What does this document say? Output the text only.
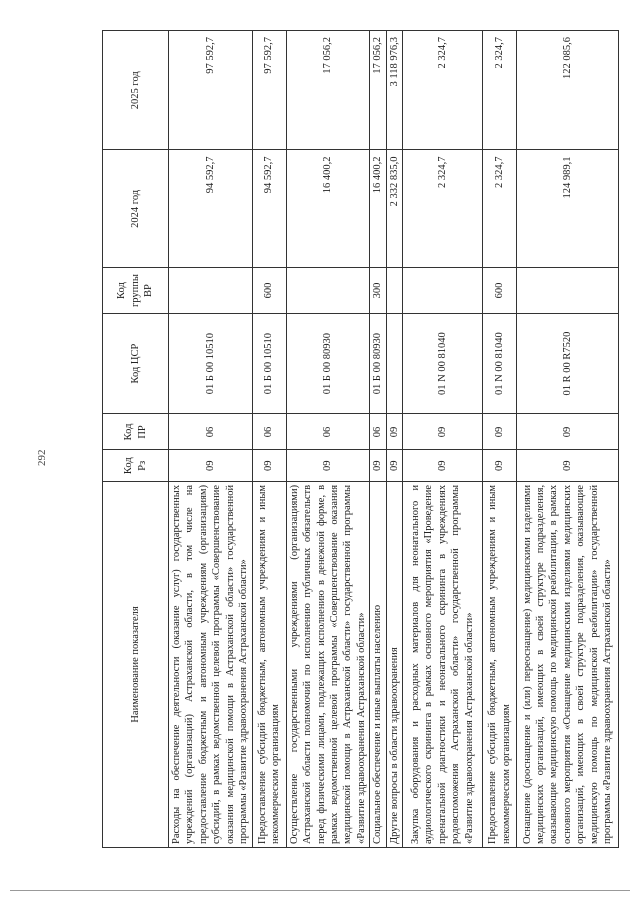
292
Наименование показателя	Код Рз	Код ПР	Код ЦСР	Код группы ВР	2024 год	2025 год
Расходы на обеспечение деятельности (оказание услуг) государственных учреждений (организаций) Астраханской области, в том числе на предоставление бюджетным и автономным учреждениям (организациям) субсидий, в рамках ведомственной целевой программы «Совершенствование оказания медицинской помощи в Астраханской области» государственной программы «Развитие здравоохранения Астраханской области»	09	06	01 Б 00 10510		94 592,7	97 592,7
Предоставление субсидий бюджетным, автономным учреждениям и иным некоммерческим организациям	09	06	01 Б 00 10510	600	94 592,7	97 592,7
Осуществление государственными учреждениями (организациями) Астраханской области полномочий по исполнению публичных обязательств перед физическими лицами, подлежащих исполнению в денежной форме, в рамках ведомственной целевой программы «Совершенствование оказания медицинской помощи в Астраханской области» государственной программы «Развитие здравоохранения Астраханской области»	09	06	01 Б 00 80930		16 400,2	17 056,2
Социальное обеспечение и иные выплаты населению	09	06	01 Б 00 80930	300	16 400,2	17 056,2
Другие вопросы в области здравоохранения	09	09			2 332 835,0	3 118 976,3
Закупка оборудования и расходных материалов для неонатального и аудиологического скрининга в рамках основного мероприятия «Проведение пренатальной диагностики и неонатального скрининга в учреждениях родовспоможения Астраханской области» государственной программы «Развитие здравоохранения Астраханской области»	09	09	01 N 00 81040		2 324,7	2 324,7
Предоставление субсидий бюджетным, автономным учреждениям и иным некоммерческим организациям	09	09	01 N 00 81040	600	2 324,7	2 324,7
Оснащение (дооснащение и (или) переоснащение) медицинскими изделиями медицинских организаций, имеющих в своей структуре подразделения, оказывающие медицинскую помощь по медицинской реабилитации, в рамках основного мероприятия «Оснащение медицинскими изделиями медицинских организаций, имеющих в своей структуре подразделения, оказывающие медицинскую помощь по медицинской реабилитации» государственной программы «Развитие здравоохранения Астраханской области»	09	09	01 R 00 R7520		124 989,1	122 085,6
